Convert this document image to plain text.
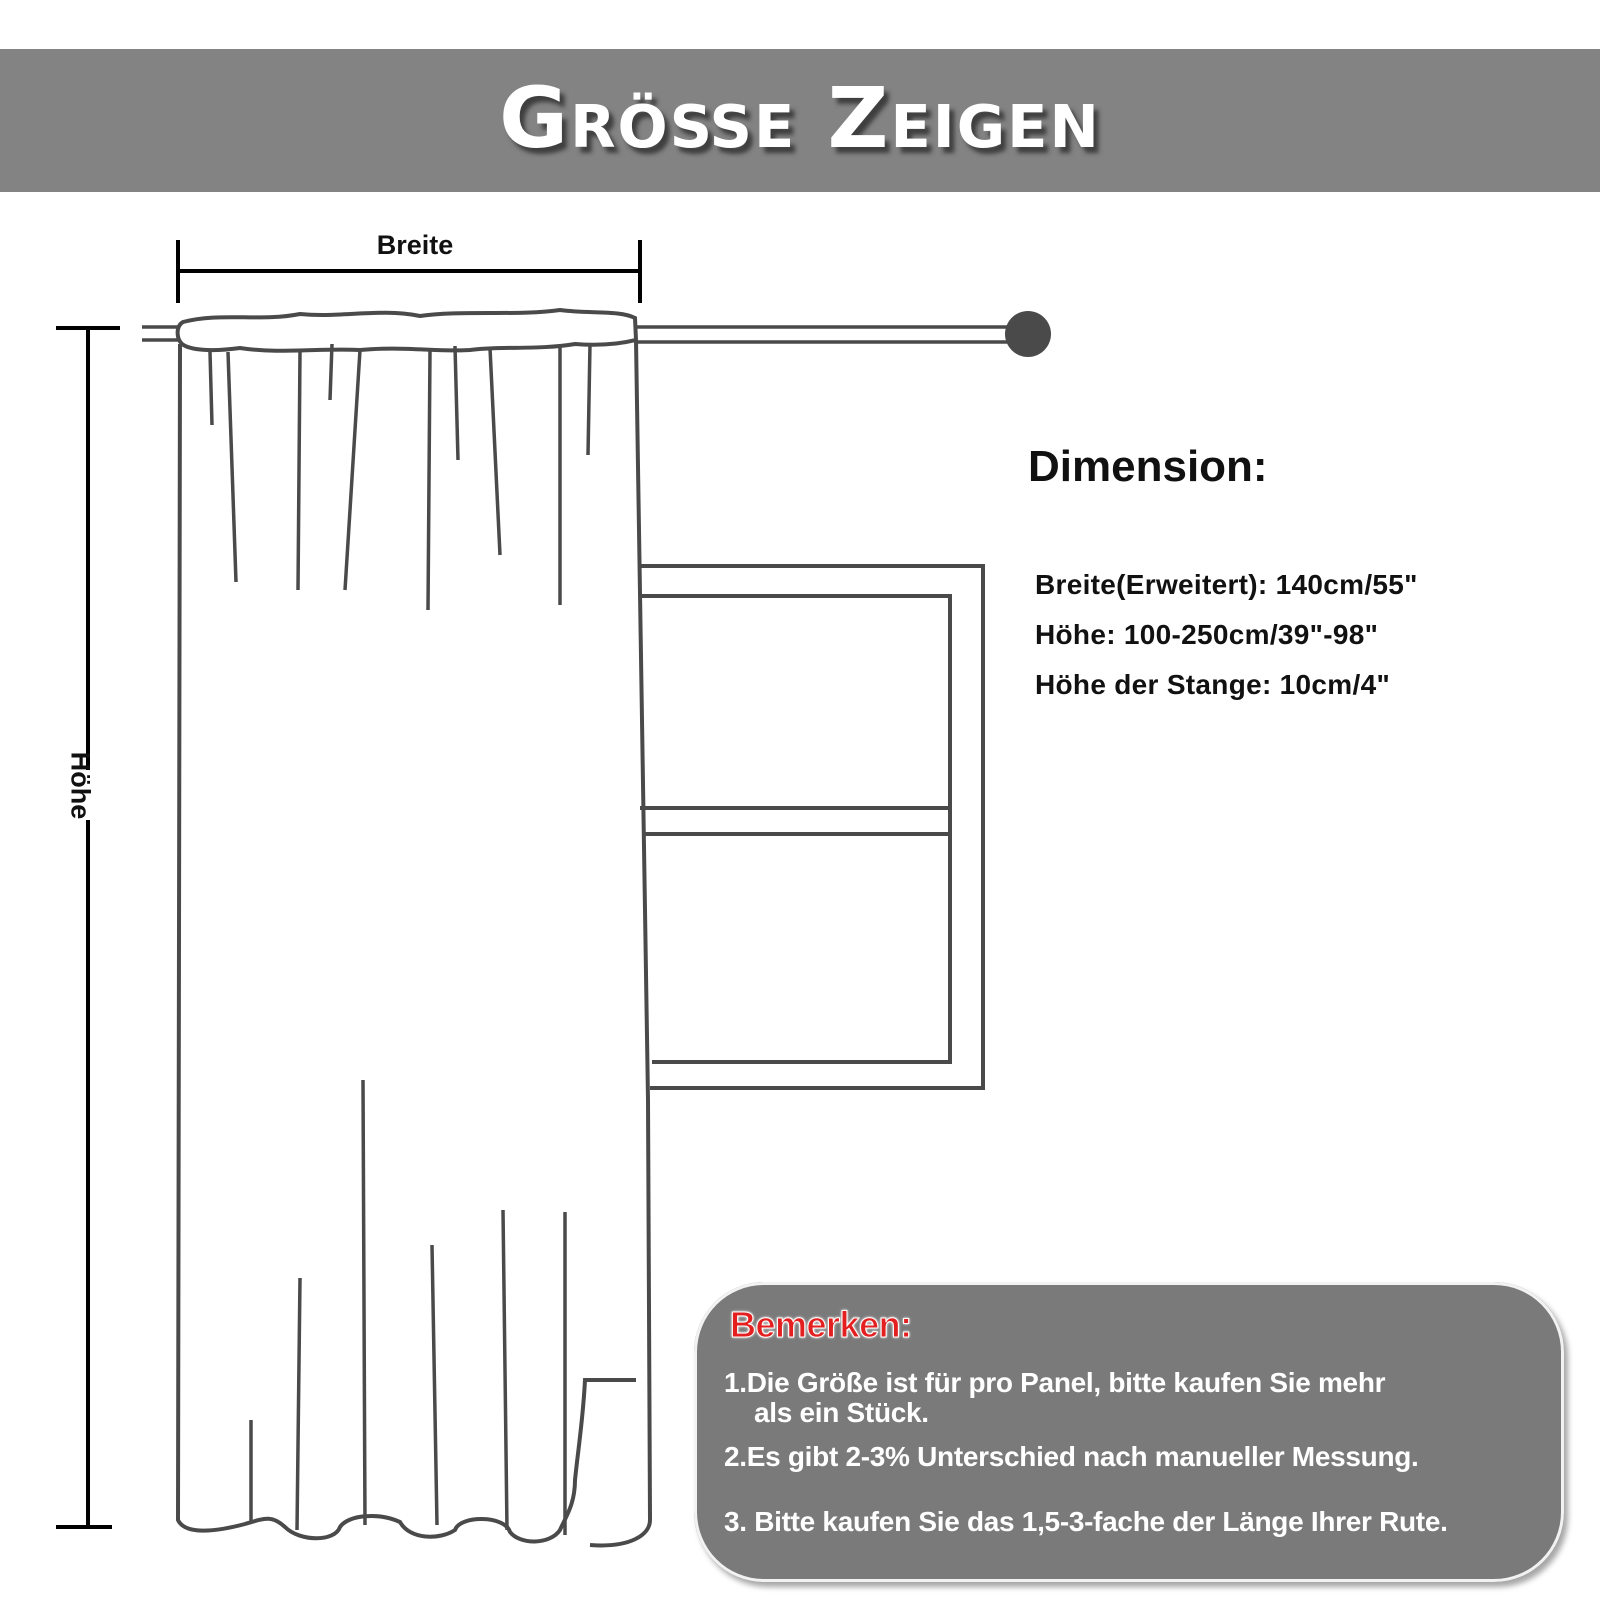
Größe Zeigen
Breite
Höhe
Dimension:
Breite(Erweitert): 140cm/55"
Höhe: 100-250cm/39"-98"
Höhe der Stange: 10cm/4"
Bemerken:
1.Die Größe ist für pro Panel, bitte kaufen Sie mehr
als ein Stück.
2.Es gibt 2-3% Unterschied nach manueller Messung.
3. Bitte kaufen Sie das 1,5-3-fache der Länge Ihrer Rute.
